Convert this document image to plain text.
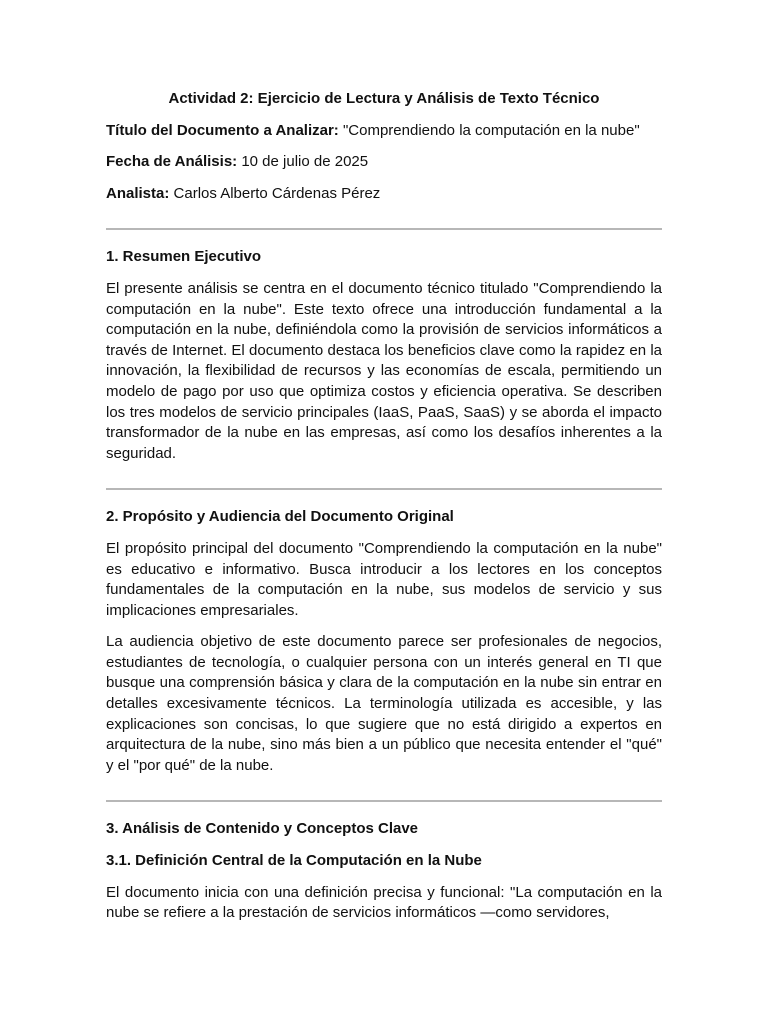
Actividad 2: Ejercicio de Lectura y Análisis de Texto Técnico
Título del Documento a Analizar: "Comprendiendo la computación en la nube"
Fecha de Análisis: 10 de julio de 2025
Analista: Carlos Alberto Cárdenas Pérez
1. Resumen Ejecutivo

El presente análisis se centra en el documento técnico titulado "Comprendiendo la computación en la nube". Este texto ofrece una introducción fundamental a la computación en la nube, definiéndola como la provisión de servicios informáticos a través de Internet. El documento destaca los beneficios clave como la rapidez en la innovación, la flexibilidad de recursos y las economías de escala, permitiendo un modelo de pago por uso que optimiza costos y eficiencia operativa. Se describen los tres modelos de servicio principales (IaaS, PaaS, SaaS) y se aborda el impacto transformador de la nube en las empresas, así como los desafíos inherentes a la seguridad.

2. Propósito y Audiencia del Documento Original

El propósito principal del documento "Comprendiendo la computación en la nube" es educativo e informativo. Busca introducir a los lectores en los conceptos fundamentales de la computación en la nube, sus modelos de servicio y sus implicaciones empresariales.

La audiencia objetivo de este documento parece ser profesionales de negocios, estudiantes de tecnología, o cualquier persona con un interés general en TI que busque una comprensión básica y clara de la computación en la nube sin entrar en detalles excesivamente técnicos. La terminología utilizada es accesible, y las explicaciones son concisas, lo que sugiere que no está dirigido a expertos en arquitectura de la nube, sino más bien a un público que necesita entender el "qué" y el "por qué" de la nube.

3. Análisis de Contenido y Conceptos Clave
3.1. Definición Central de la Computación en la Nube

El documento inicia con una definición precisa y funcional: "La computación en la nube se refiere a la prestación de servicios informáticos —como servidores,
